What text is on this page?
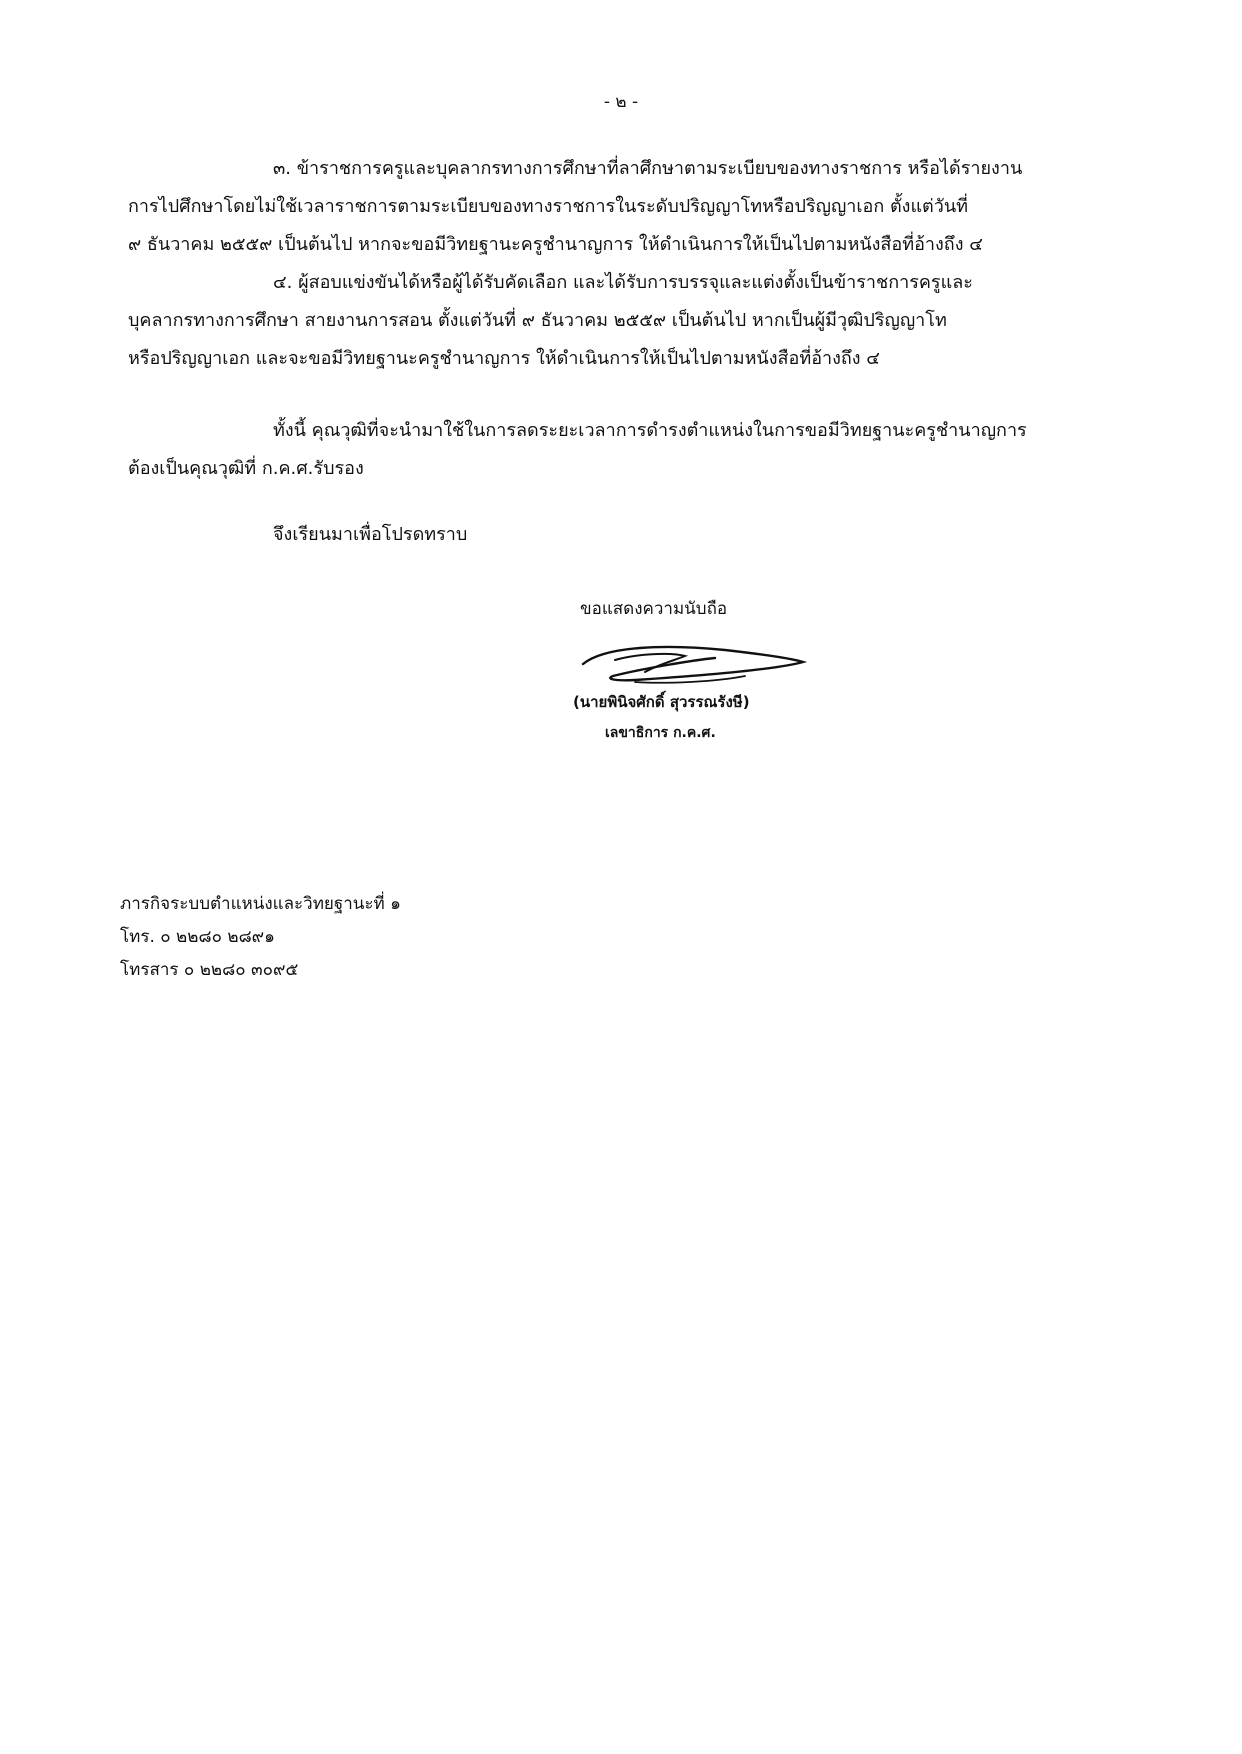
- ๒ -

๓. ข้าราชการครูและบุคลากรทางการศึกษาที่ลาศึกษาตามระเบียบของทางราชการ หรือได้รายงาน

การไปศึกษาโดยไม่ใช้เวลาราชการตามระเบียบของทางราชการในระดับปริญญาโทหรือปริญญาเอก ตั้งแต่วันที่

๙ ธันวาคม ๒๕๕๙ เป็นต้นไป หากจะขอมีวิทยฐานะครูชำนาญการ ให้ดำเนินการให้เป็นไปตามหนังสือที่อ้างถึง ๔

๔. ผู้สอบแข่งขันได้หรือผู้ได้รับคัดเลือก และได้รับการบรรจุและแต่งตั้งเป็นข้าราชการครูและ

บุคลากรทางการศึกษา สายงานการสอน ตั้งแต่วันที่ ๙ ธันวาคม ๒๕๕๙ เป็นต้นไป หากเป็นผู้มีวุฒิปริญญาโท

หรือปริญญาเอก และจะขอมีวิทยฐานะครูชำนาญการ ให้ดำเนินการให้เป็นไปตามหนังสือที่อ้างถึง ๔

ทั้งนี้ คุณวุฒิที่จะนำมาใช้ในการลดระยะเวลาการดำรงตำแหน่งในการขอมีวิทยฐานะครูชำนาญการ

ต้องเป็นคุณวุฒิที่ ก.ค.ศ.รับรอง

จึงเรียนมาเพื่อโปรดทราบ

ขอแสดงความนับถือ
(นายพินิจศักดิ์ สุวรรณรังษี)
เลขาธิการ ก.ค.ศ.
ภารกิจระบบตำแหน่งและวิทยฐานะที่ ๑
โทร. ๐ ๒๒๘๐ ๒๘๙๑
โทรสาร ๐ ๒๒๘๐ ๓๐๙๕
